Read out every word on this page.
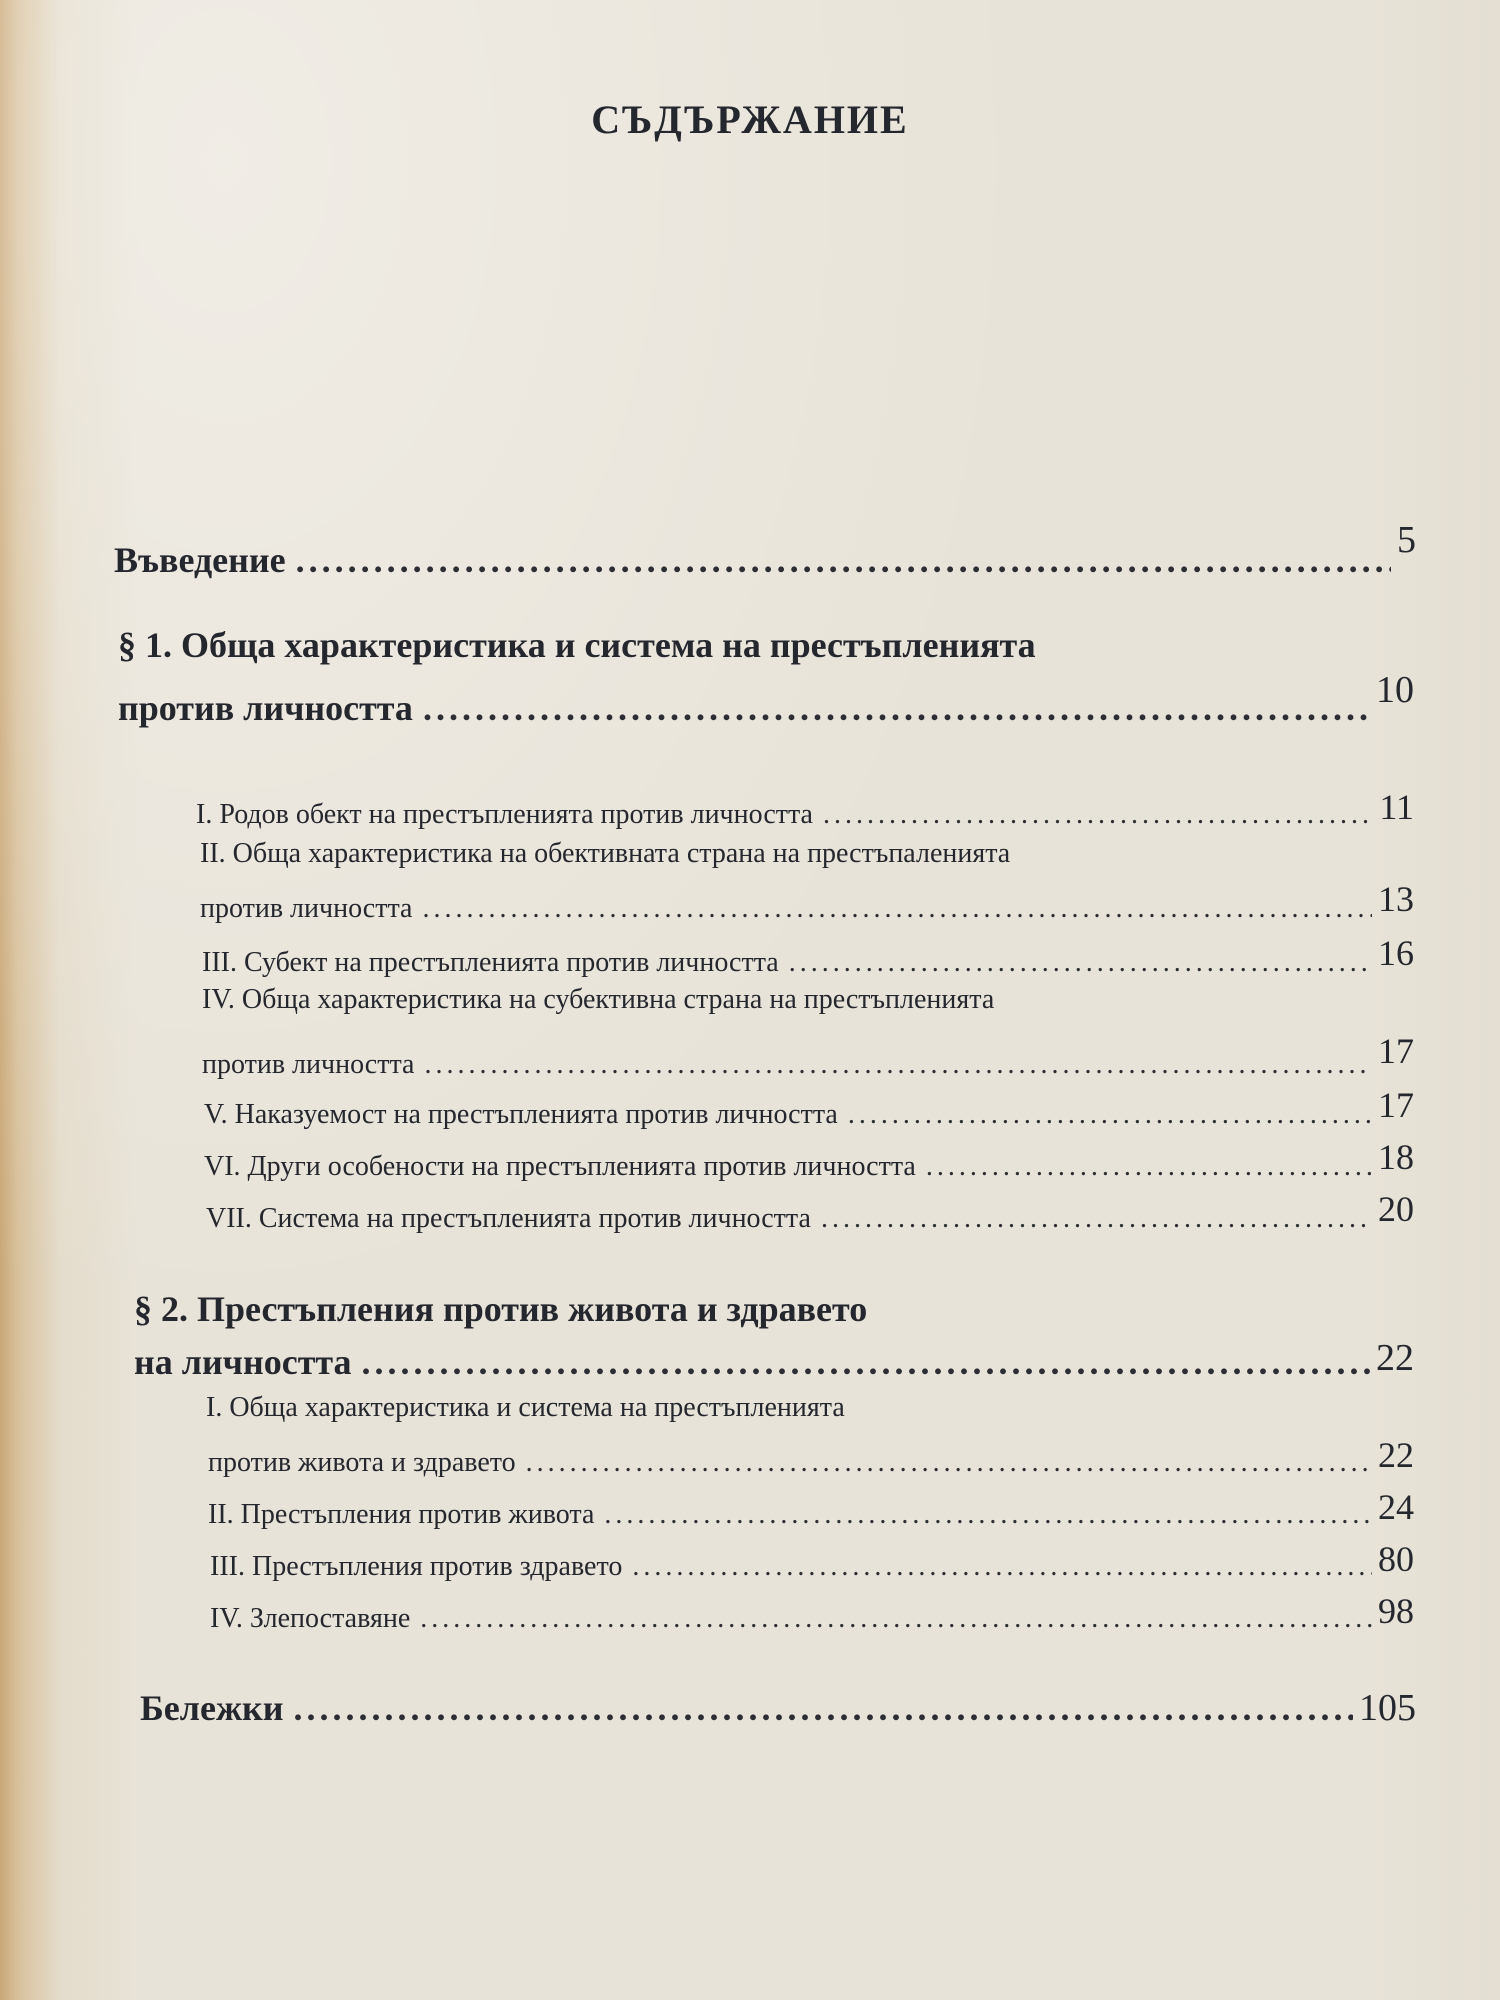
СЪДЪРЖАНИЕ
Въведение .....	5
§ 1. Обща характеристика и система на престъпленията
против личността .....	10
I. Родов обект на престъпленията против личността .....	11
II. Обща характеристика на обективната страна на престъпаленията
против личността .....	13
III. Субект на престъпленията против личността .....	16
IV. Обща характеристика на субективна страна на престъпленията
против личността .....	17
V. Наказуемост на престъпленията против личността .....	17
VI. Други особености на престъпленията против личността .....	18
VII. Система на престъпленията против личността .....	20
§ 2. Престъпления против живота и здравето
на личността .....	22
I. Обща характеристика и система на престъпленията
против живота и здравето .....	22
II. Престъпления против живота .....	24
III. Престъпления против здравето .....	80
IV. Злепоставяне .....	98
Бележки .....	105
